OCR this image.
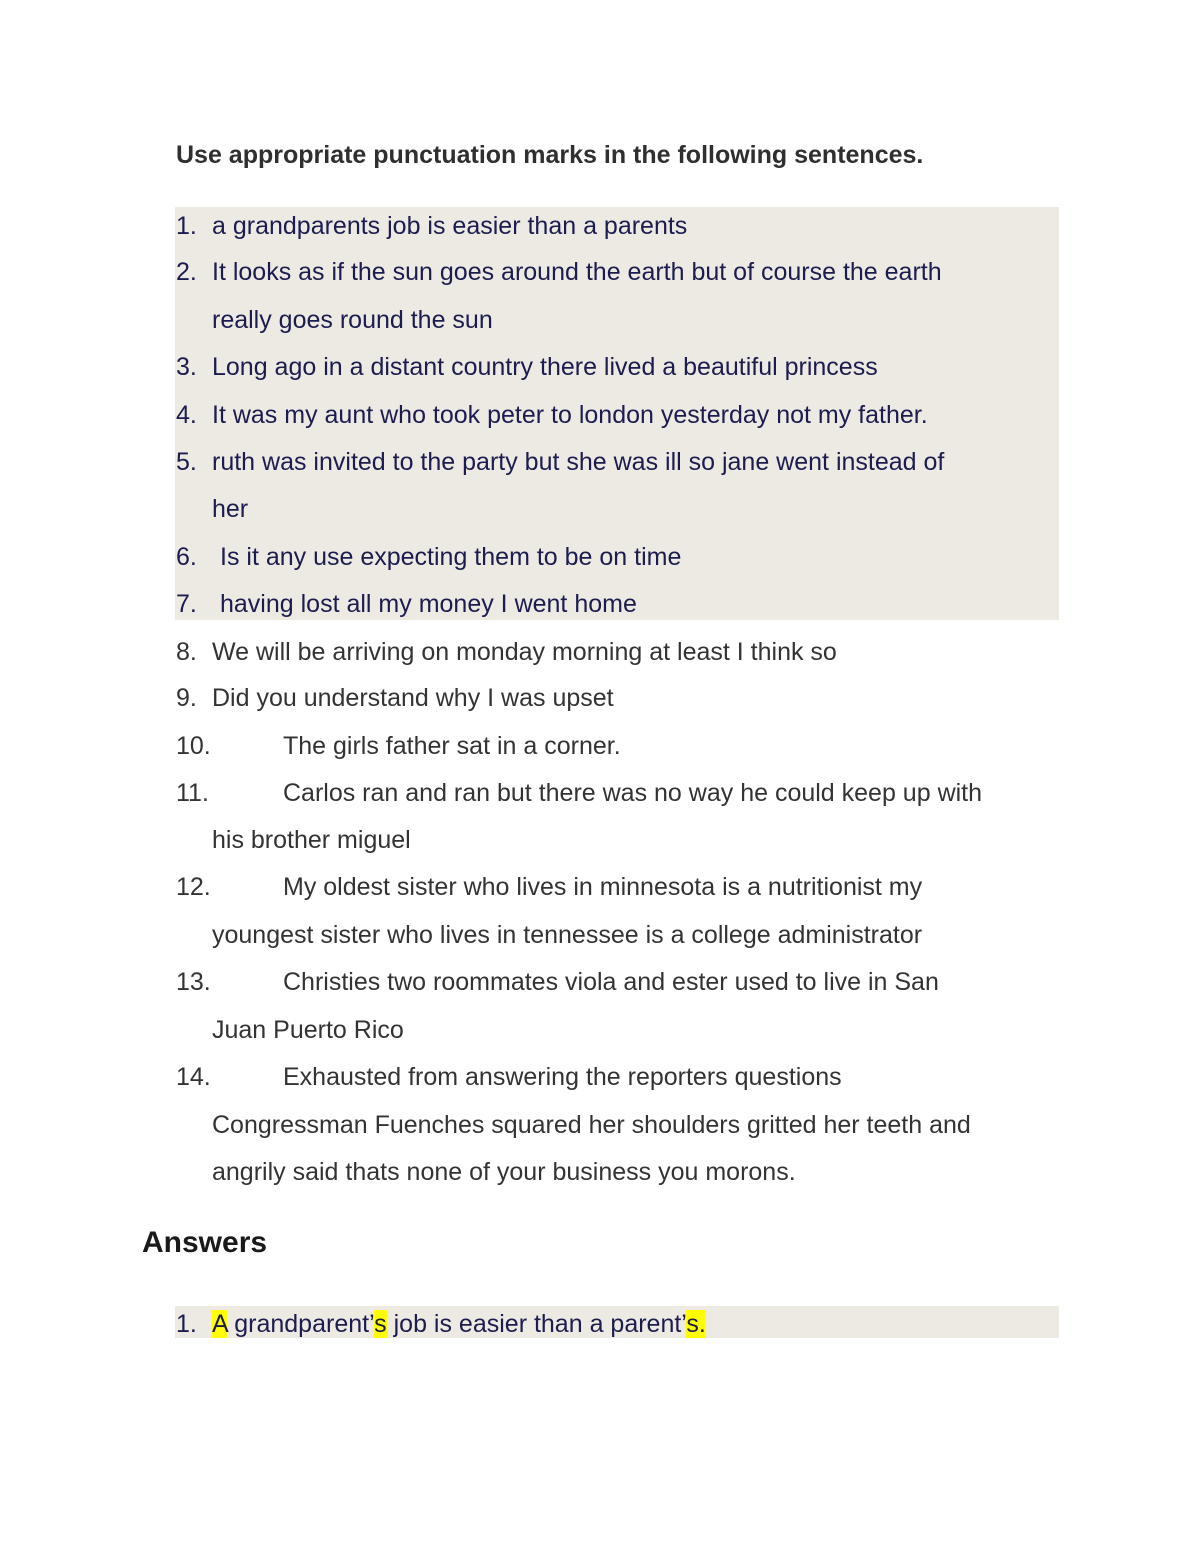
Use appropriate punctuation marks in the following sentences.
1. a grandparents job is easier than a parents
2. It looks as if the sun goes around the earth but of course the earth
really goes round the sun
3. Long ago in a distant country there lived a beautiful princess
4. It was my aunt who took peter to london yesterday not my father.
5. ruth was invited to the party but she was ill so jane went instead of
her
6. Is it any use expecting them to be on time
7. having lost all my money I went home
8. We will be arriving on monday morning at least I think so
9. Did you understand why I was upset
10.	The girls father sat in a corner.
11.	Carlos ran and ran but there was no way he could keep up with
his brother miguel
12.	My oldest sister who lives in minnesota is a nutritionist my
youngest sister who lives in tennessee is a college administrator
13.	Christies two roommates viola and ester used to live in San
Juan Puerto Rico
14.	Exhausted from answering the reporters questions
Congressman Fuenches squared her shoulders gritted her teeth and
angrily said thats none of your business you morons.
Answers
1. A grandparent’s job is easier than a parent’s.
